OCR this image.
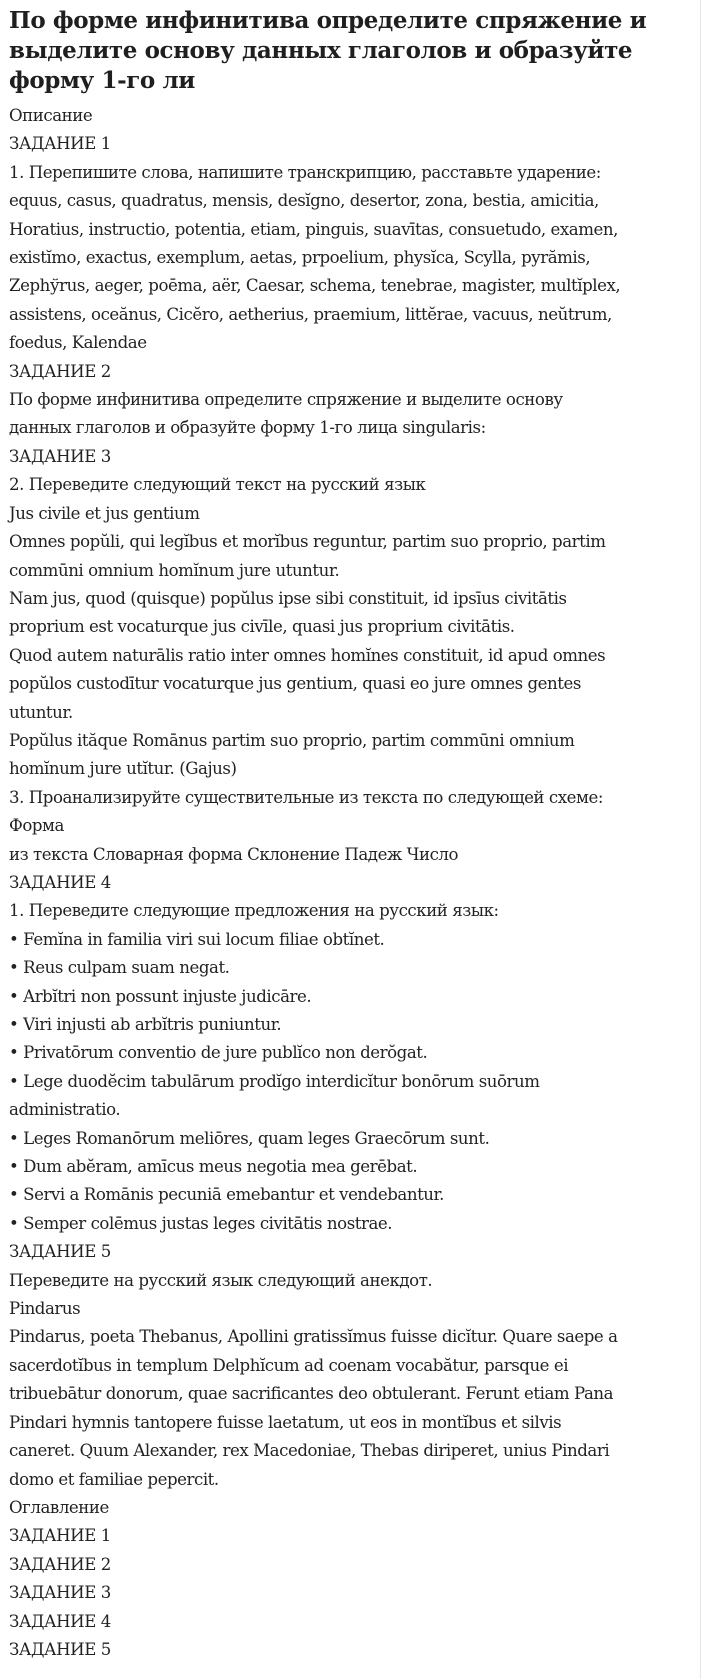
По форме инфинитива определите спряжение и выделите основу данных глаголов и образуйте форму 1-го ли
Описание
ЗАДАНИЕ 1
1. Перепишите слова, напишите транскрипцию, расставьте ударение:
equus, casus, quadratus, mensis, desĭgno, desertor, zona, bestia, amicitia,
Horatius, instructio, potentia, etiam, pinguis, suavītas, consuetudo, examen,
existĭmo, exactus, exemplum, aetas, prpoelium, physĭca, Scylla, pyrămis,
Zephўrus, aeger, poēma, aër, Caesar, schema, tenebrae, magister, multĭplex,
assistens, oceănus, Cicĕro, aetherius, praemium, littĕrae, vacuus, neŭtrum,
foedus, Kalendae
ЗАДАНИЕ 2
По форме инфинитива определите спряжение и выделите основу
данных глаголов и образуйте форму 1-го лица singularis:
ЗАДАНИЕ 3
2. Переведите следующий текст на русский язык
Jus civile et jus gentium
Omnes popŭli, qui legĭbus et morĭbus reguntur, partim suo proprio, partim
commūni omnium homĭnum jure utuntur.
Nam jus, quod (quisque) popŭlus ipse sibi constituit, id ipsīus civitātis
proprium est vocaturque jus civīle, quasi jus proprium civitātis.
Quod autem naturālis ratio inter omnes homĭnes constituit, id apud omnes
popŭlos custodītur vocaturque jus gentium, quasi eo jure omnes gentes
utuntur.
Popŭlus ităque Romānus partim suo proprio, partim commūni omnium
homĭnum jure utĭtur. (Gajus)
3. Проанализируйте существительные из текста по следующей схеме:
Форма
из текста Словарная форма Склонение Падеж Число
ЗАДАНИЕ 4
1. Переведите следующие предложения на русский язык:
• Femĭna in familia viri sui locum filiae obtĭnet.
• Reus culpam suam negat.
• Arbĭtri non possunt injuste judicāre.
• Viri injusti ab arbĭtris puniuntur.
• Privatōrum conventio de jure publĭco non derŏgat.
• Lege duodĕcim tabulārum prodĭgo interdicĭtur bonōrum suōrum
administratio.
• Leges Romanōrum meliōres, quam leges Graecōrum sunt.
• Dum abĕram, amīcus meus negotia mea gerēbat.
• Servi a Romānis pecuniā emebantur et vendebantur.
• Semper colēmus justas leges civitātis nostrae.
ЗАДАНИЕ 5
Переведите на русский язык следующий анекдот.
Pindarus
Pindarus, poeta Thebanus, Apollini gratissĭmus fuisse dicĭtur. Quare saepe a
sacerdotĭbus in templum Delphĭcum ad coenam vocabătur, parsque ei
tribuebātur donorum, quae sacrificantes deo obtulerant. Ferunt etiam Pana
Pindari hymnis tantopere fuisse laetatum, ut eos in montĭbus et silvis
caneret. Quum Alexander, rex Macedoniae, Thebas diriperet, unius Pindari
domo et familiae pepercit.
Оглавление
ЗАДАНИЕ 1
ЗАДАНИЕ 2
ЗАДАНИЕ 3
ЗАДАНИЕ 4
ЗАДАНИЕ 5
